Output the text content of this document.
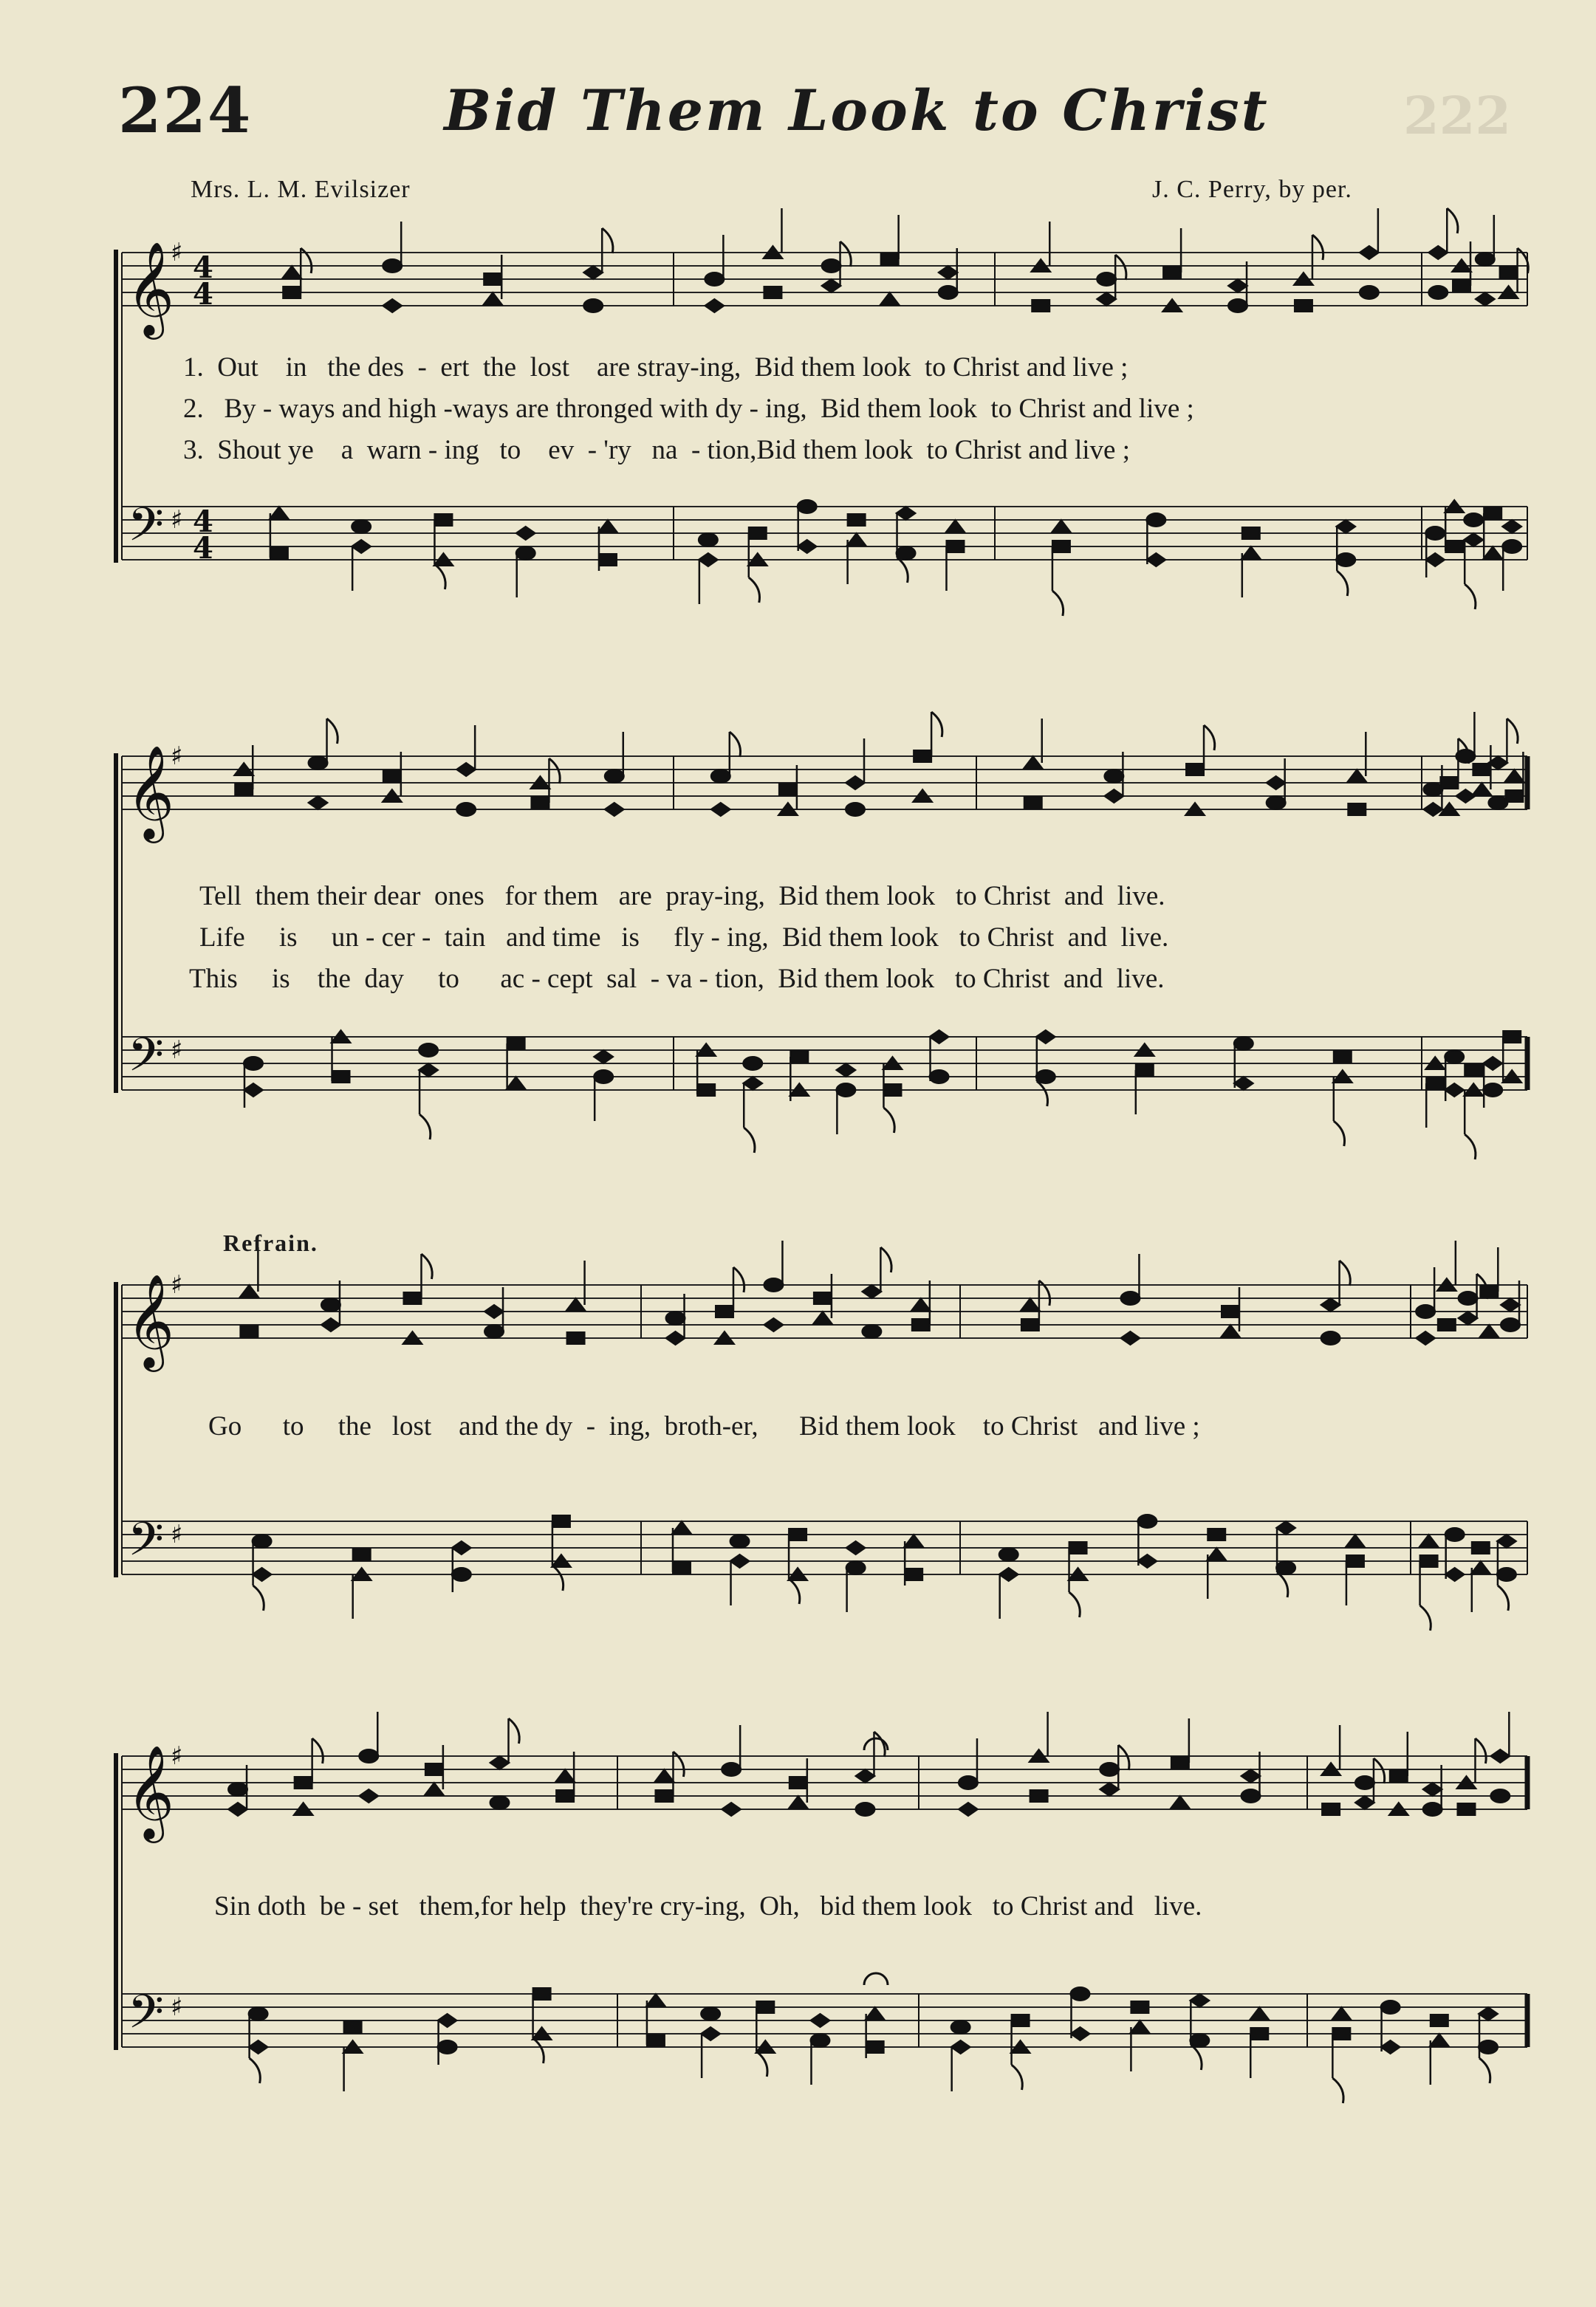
224	Bid Them Look to Christ	222
Mrs. L. M. Evilsizer	J. C. Perry, by per.
𝄞
𝄢
♯
♯
4
4
4
4
𝄞
𝄢
♯
♯
𝄞
𝄢
♯
♯
𝄞
𝄢
♯
♯
1.  Out    in   the des  -  ert  the  lost    are stray-ing,  Bid them look  to Christ and live ;
2.   By - ways and high -ways are thronged with dy - ing,  Bid them look  to Christ and live ;
3.  Shout ye    a  warn - ing   to    ev  - 'ry   na  - tion,Bid them look  to Christ and live ;
Tell  them their dear  ones   for them   are  pray-ing,  Bid them look   to Christ  and  live.
Life     is     un - cer -  tain   and time   is     fly - ing,  Bid them look   to Christ  and  live.
This     is    the  day     to      ac - cept  sal  - va - tion,  Bid them look   to Christ  and  live.
Refrain.
Go      to     the   lost    and the dy  -  ing,  broth-er,      Bid them look    to Christ   and live ;
Sin doth  be - set   them,for help  they're cry-ing,  Oh,   bid them look   to Christ and   live.
